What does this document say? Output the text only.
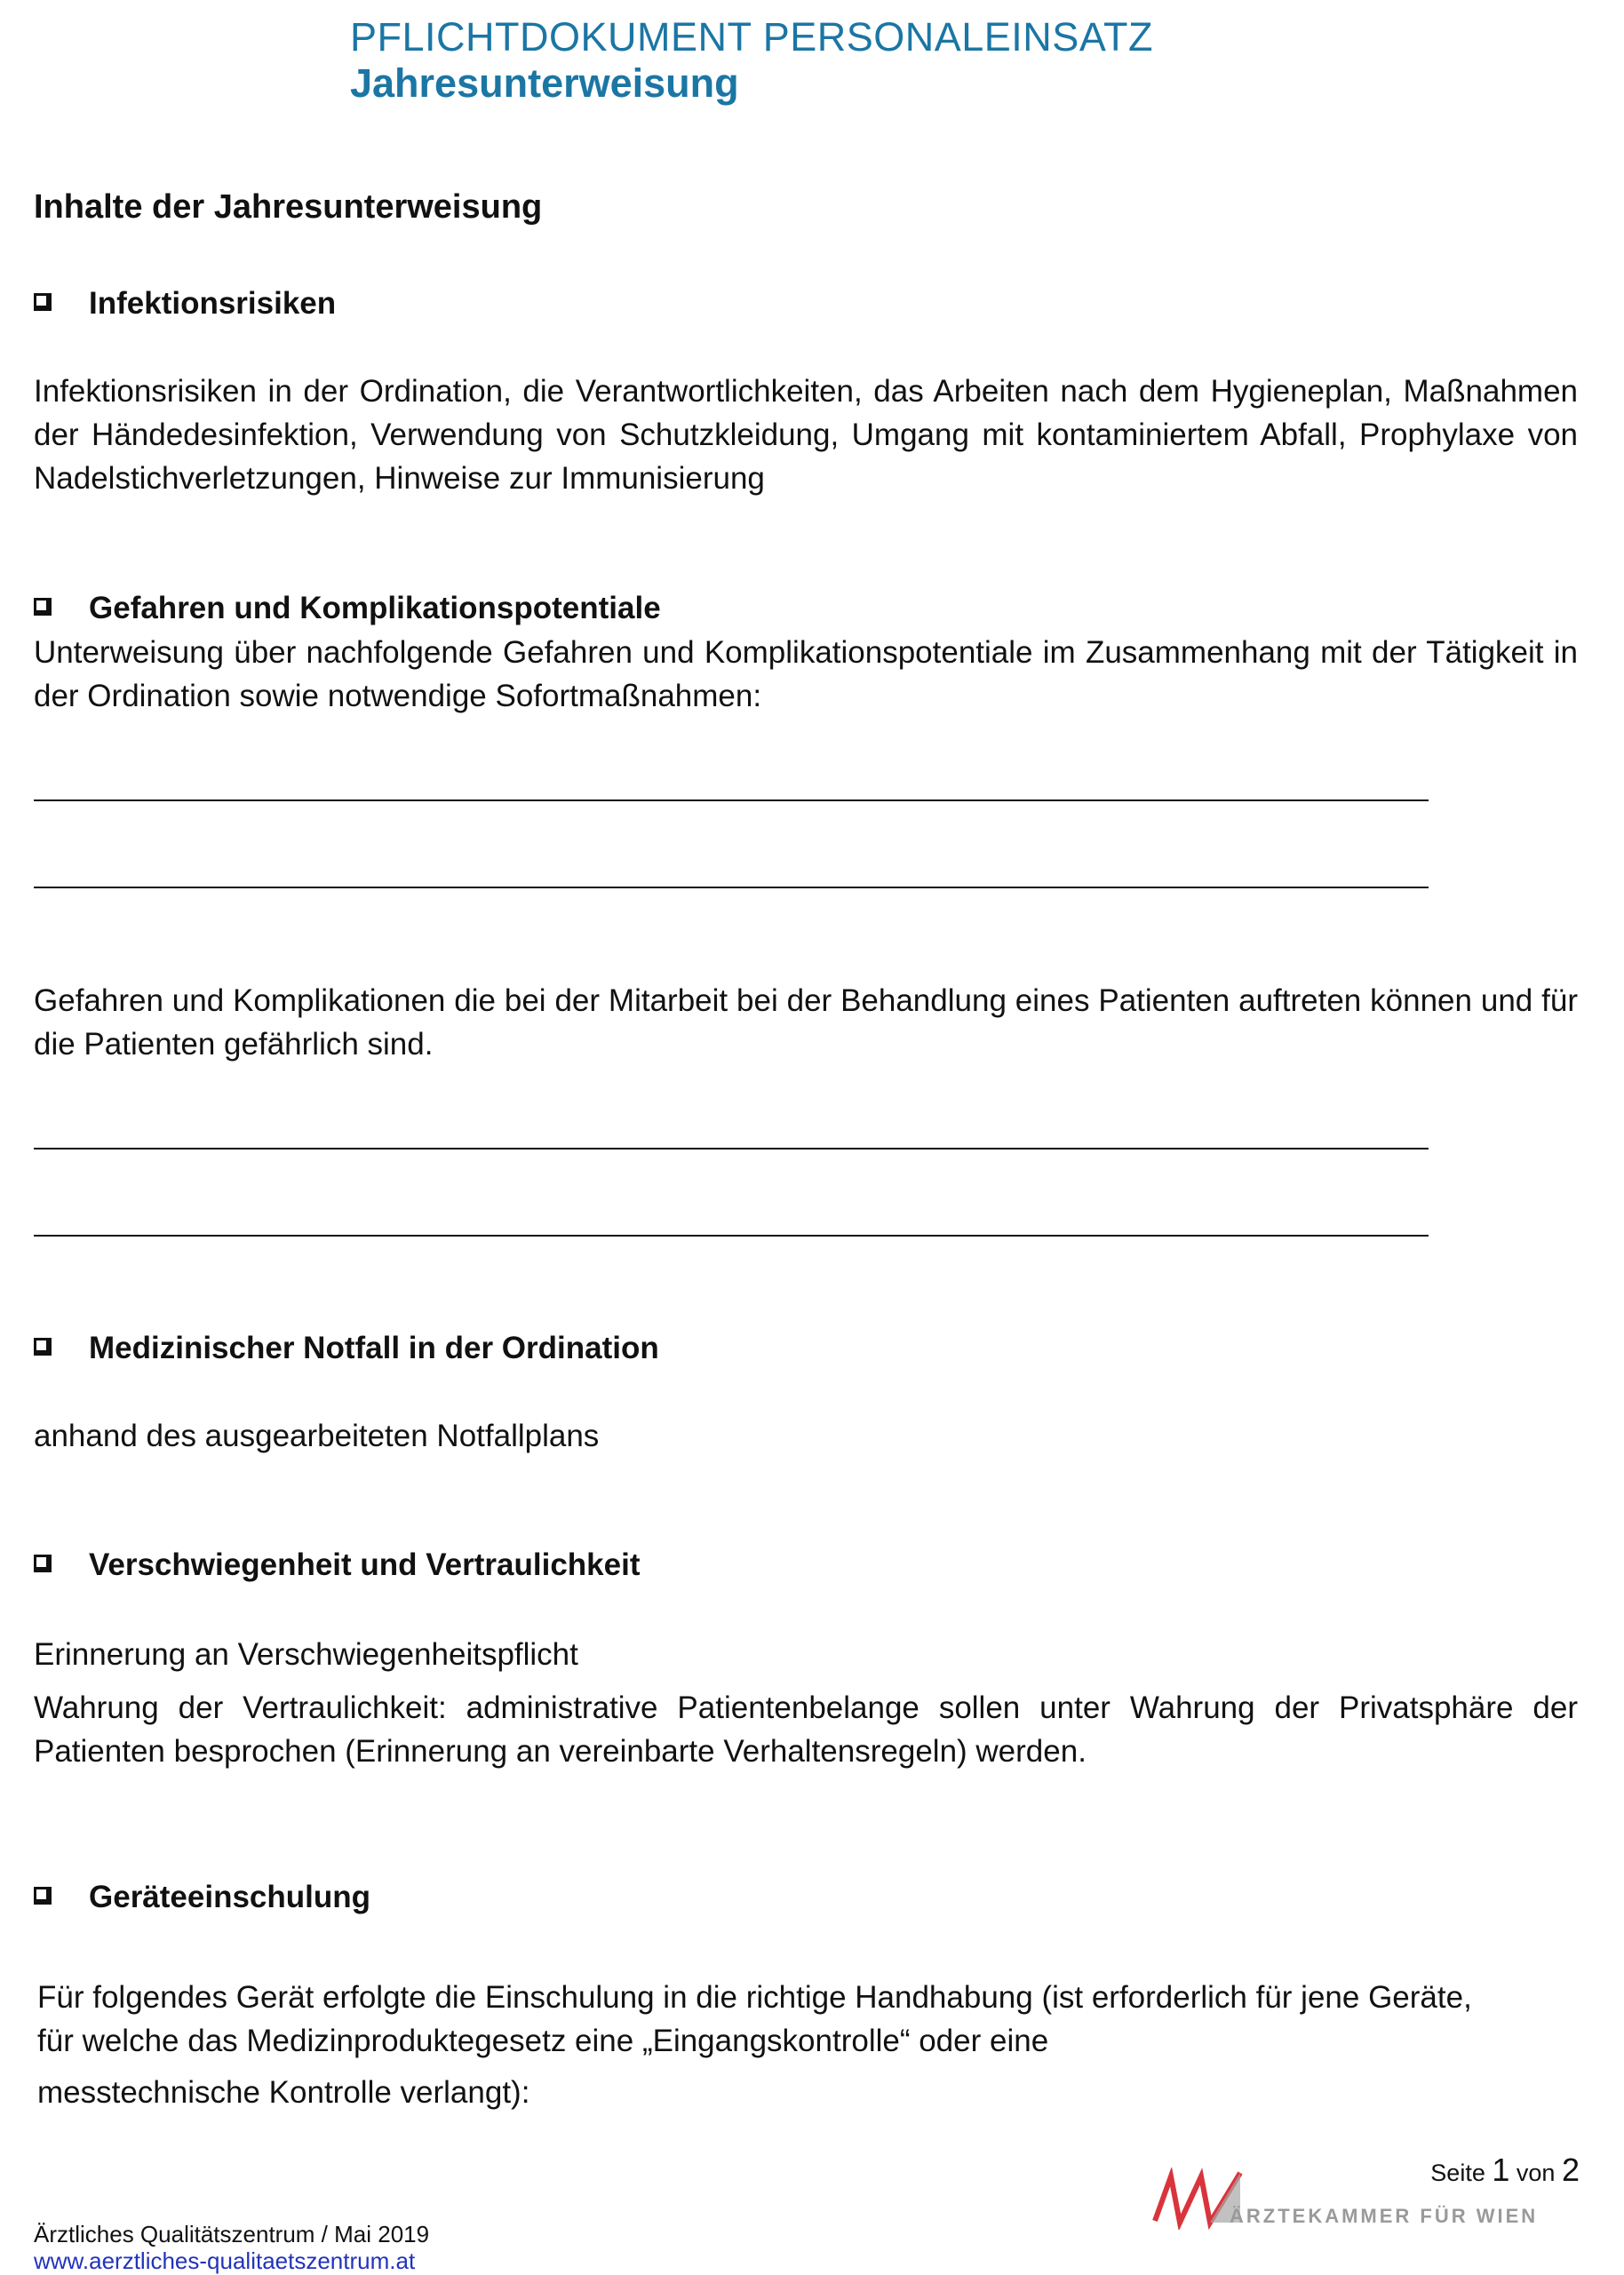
PFLICHTDOKUMENT PERSONALEINSATZ
Jahresunterweisung
Inhalte der Jahresunterweisung
Infektionsrisiken
Infektionsrisiken in der Ordination, die Verantwortlichkeiten, das Arbeiten nach dem Hygieneplan, Maßnahmen der Händedesinfektion, Verwendung von Schutzkleidung, Umgang mit kontaminiertem Abfall, Prophylaxe von Nadelstichverletzungen, Hinweise zur Immunisierung
Gefahren und Komplikationspotentiale
Unterweisung über nachfolgende Gefahren und Komplikationspotentiale im Zusammenhang mit der Tätigkeit in der Ordination sowie notwendige Sofortmaßnahmen:
Gefahren und Komplikationen die bei der Mitarbeit bei der Behandlung eines Patienten auftreten können und für die Patienten gefährlich sind.
Medizinischer Notfall in der Ordination
anhand des ausgearbeiteten Notfallplans
Verschwiegenheit und Vertraulichkeit
Erinnerung an Verschwiegenheitspflicht
Wahrung der Vertraulichkeit: administrative Patientenbelange sollen unter Wahrung der Privatsphäre der Patienten besprochen (Erinnerung an vereinbarte Verhaltensregeln) werden.
Geräteeinschulung
Für folgendes Gerät erfolgte die Einschulung in die richtige Handhabung (ist erforderlich für jene Geräte,
für welche das Medizinproduktegesetz eine „Eingangskontrolle“ oder eine
messtechnische Kontrolle verlangt):
Seite 1 von 2
ÄRZTEKAMMER FÜR WIEN
Ärztliches Qualitätszentrum / Mai 2019
www.aerztliches-qualitaetszentrum.at
